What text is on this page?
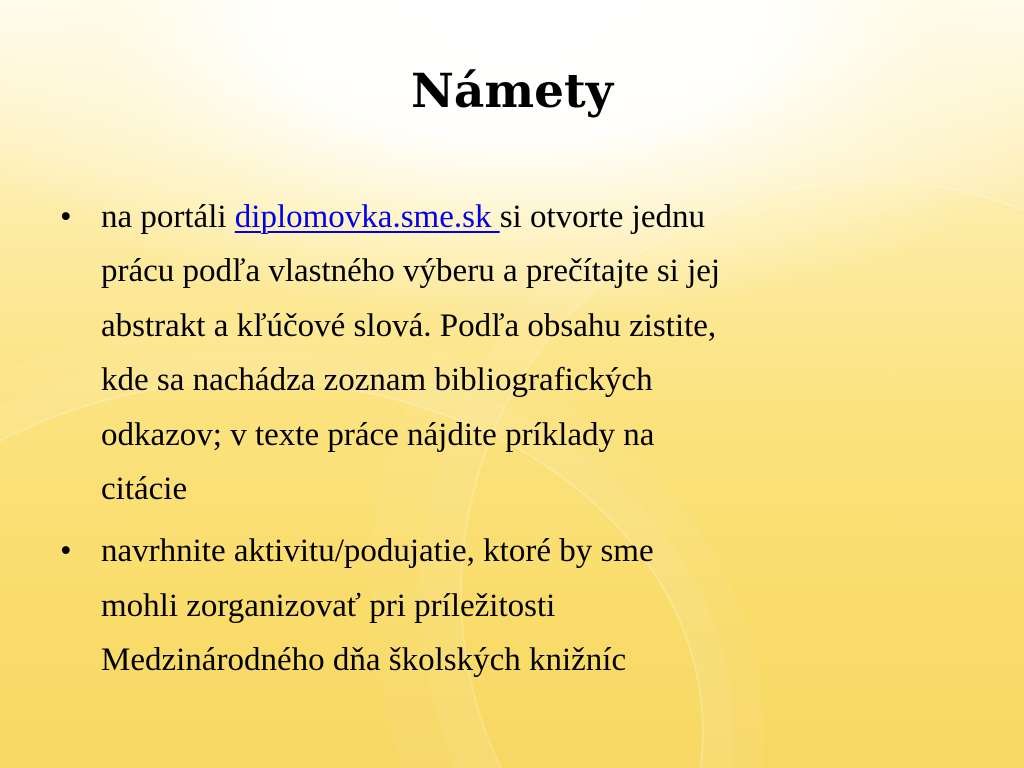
Námety
• na portáli diplomovka.sme.sk si otvorte jednu
prácu podľa vlastného výberu a prečítajte si jej
abstrakt a kľúčové slová. Podľa obsahu zistite,
kde sa nachádza zoznam bibliografických
odkazov; v texte práce nájdite príklady na
citácie
• navrhnite aktivitu/podujatie, ktoré by sme
mohli zorganizovať pri príležitosti
Medzinárodného dňa školských knižníc
